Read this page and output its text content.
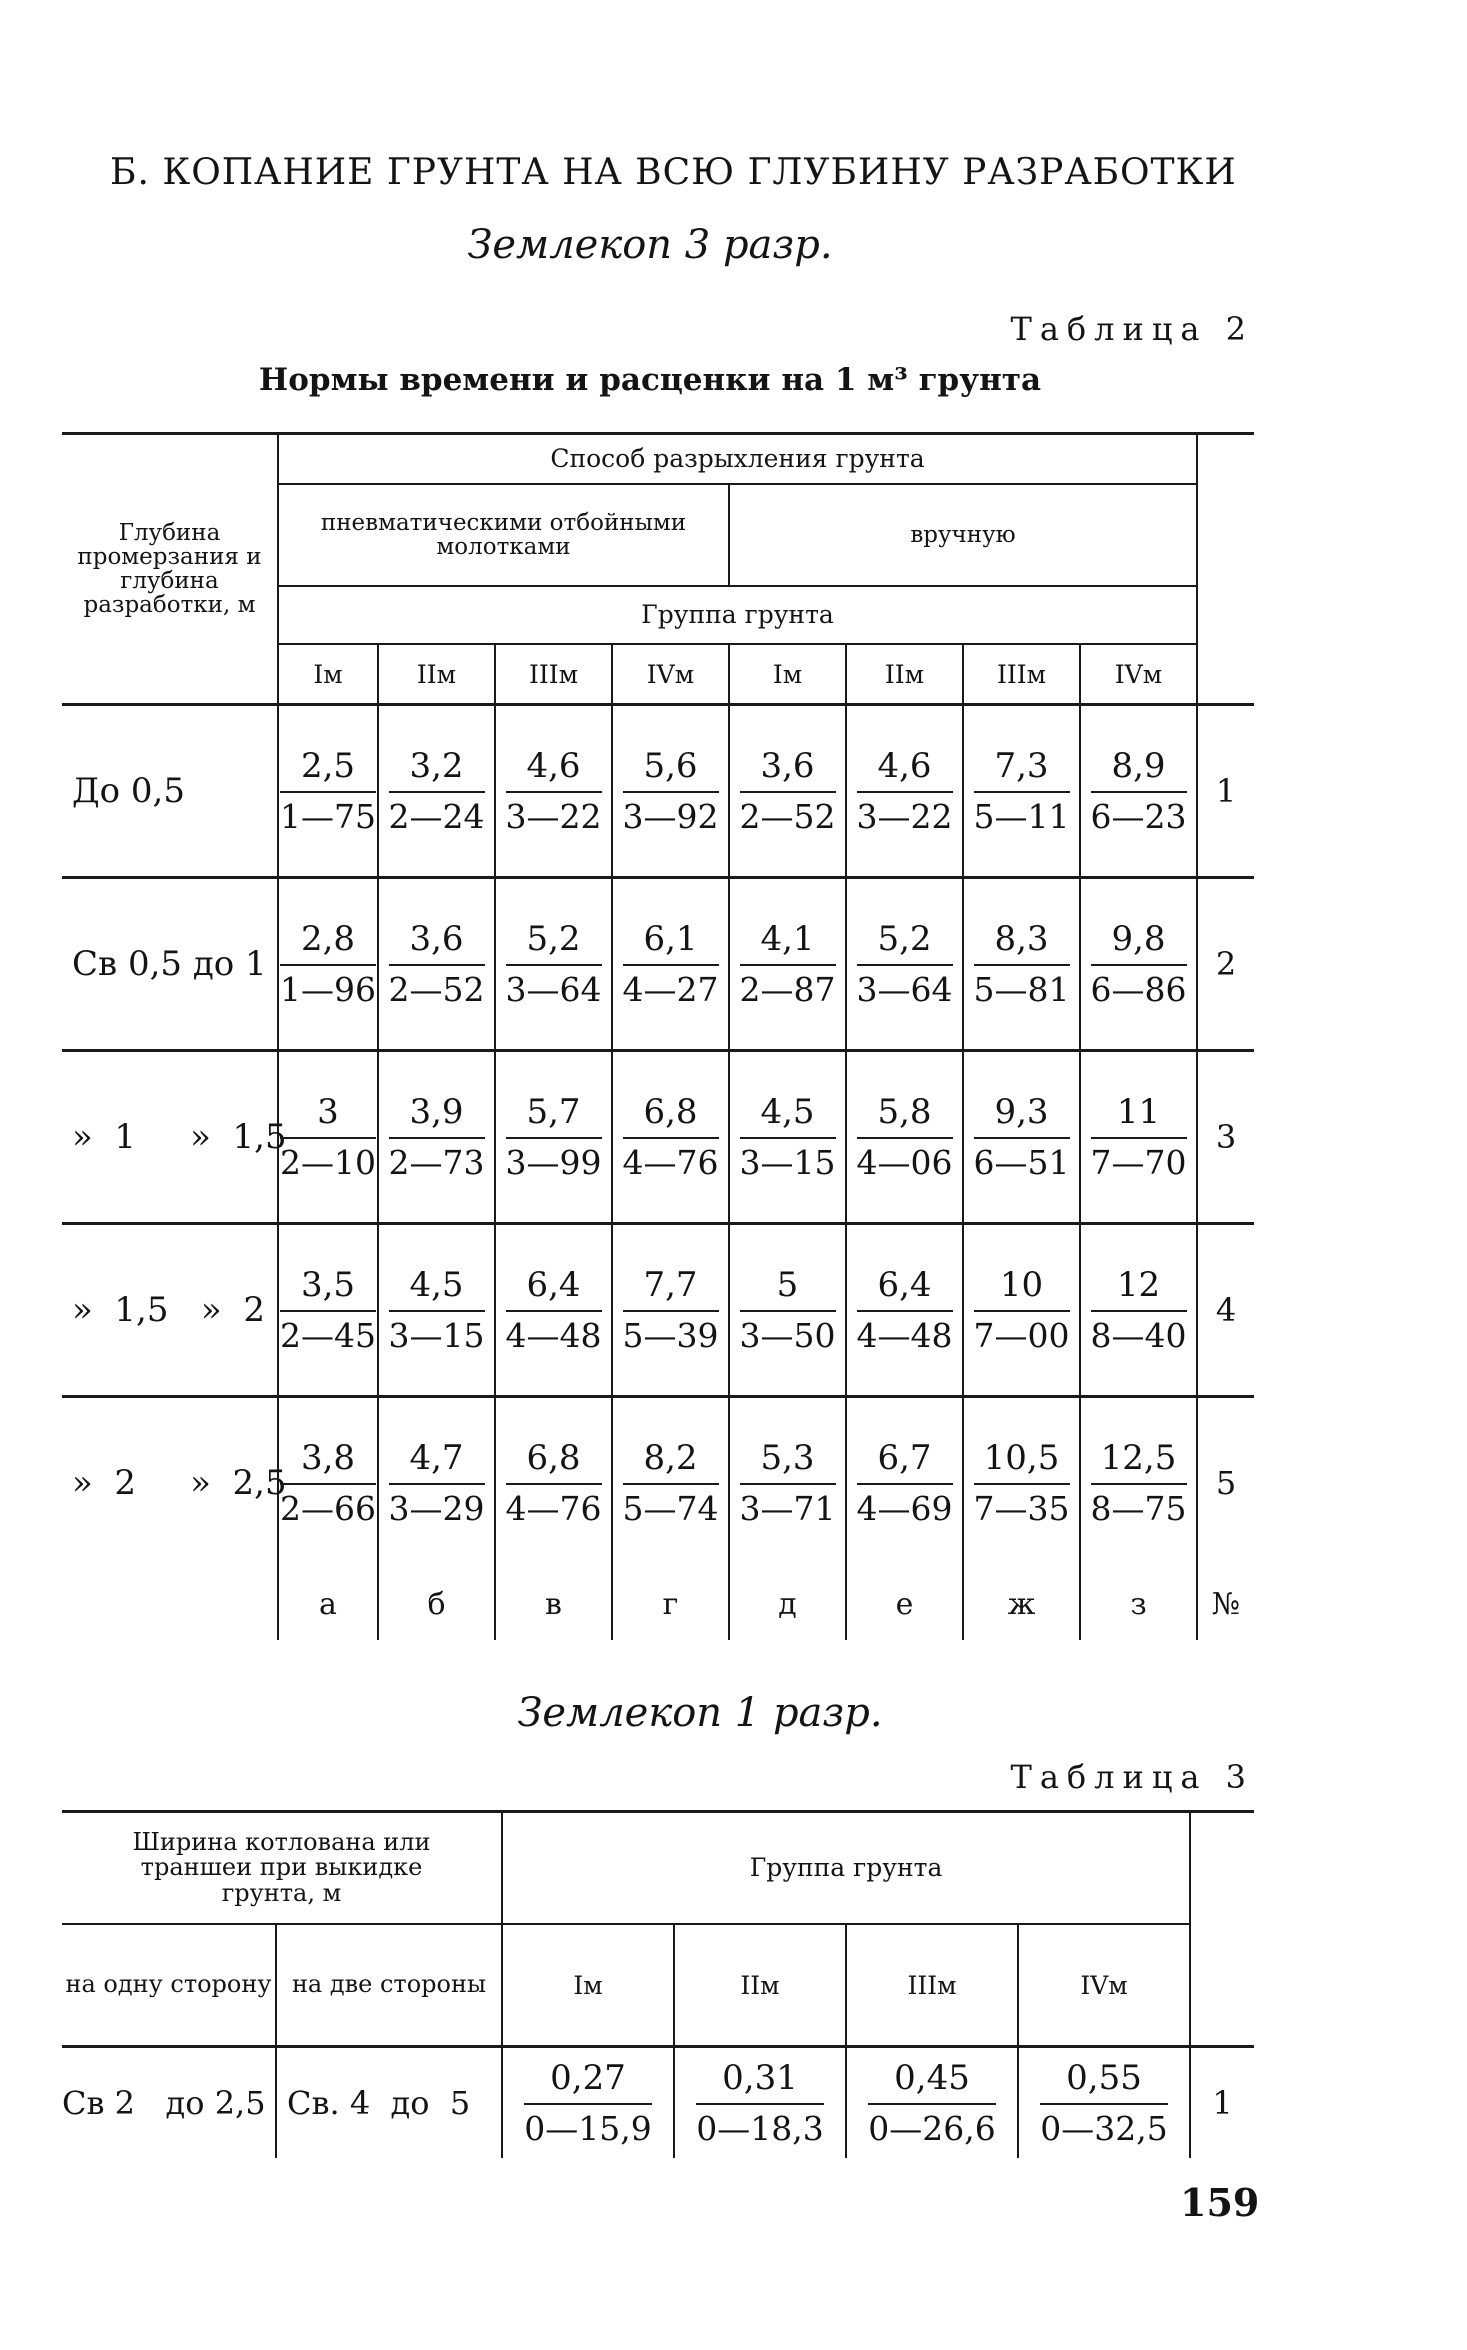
Б. КОПАНИЕ ГРУНТА НА ВСЮ ГЛУБИНУ РАЗРАБОТКИ
Землекоп 3 разр.
Таблица 2
Нормы времени и расценки на 1 м³ грунта
Глубина промерзания и глубина разработки, м	Способ разрыхления грунта								
	пневматическими отбойными молотками				вручную				
	Группа грунта								
	Iм	IIм	IIIм	IVм	Iм	IIм	IIIм	IVм	
До 0,5	$\frac{2,5}{1—75}$	$\frac{3,2}{2—24}$	$\frac{4,6}{3—22}$	$\frac{5,6}{3—92}$	$\frac{3,6}{2—52}$	$\frac{4,6}{3—22}$	$\frac{7,3}{5—11}$	$\frac{8,9}{6—23}$	1
Св 0,5 до 1	$\frac{2,8}{1—96}$	$\frac{3,6}{2—52}$	$\frac{5,2}{3—64}$	$\frac{6,1}{4—27}$	$\frac{4,1}{2—87}$	$\frac{5,2}{3—64}$	$\frac{8,3}{5—81}$	$\frac{9,8}{6—86}$	2
»  1     »  1,5	$\frac{3}{2—10}$	$\frac{3,9}{2—73}$	$\frac{5,7}{3—99}$	$\frac{6,8}{4—76}$	$\frac{4,5}{3—15}$	$\frac{5,8}{4—06}$	$\frac{9,3}{6—51}$	$\frac{11}{7—70}$	3
»  1,5   »  2	$\frac{3,5}{2—45}$	$\frac{4,5}{3—15}$	$\frac{6,4}{4—48}$	$\frac{7,7}{5—39}$	$\frac{5}{3—50}$	$\frac{6,4}{4—48}$	$\frac{10}{7—00}$	$\frac{12}{8—40}$	4
»  2     »  2,5	$\frac{3,8}{2—66}$	$\frac{4,7}{3—29}$	$\frac{6,8}{4—76}$	$\frac{8,2}{5—74}$	$\frac{5,3}{3—71}$	$\frac{6,7}{4—69}$	$\frac{10,5}{7—35}$	$\frac{12,5}{8—75}$	5
	а	б	в	г	д	е	ж	з	№
Землекоп 1 разр.
Таблица 3
Ширина котлована или траншеи при выкидке грунта, м		Группа грунта				
на одну сторону	на две стороны	Iм	IIм	IIIм	IVм	
Св 2   до 2,5	Св. 4  до  5	$\frac{0,27}{0—15,9}$	$\frac{0,31}{0—18,3}$	$\frac{0,45}{0—26,6}$	$\frac{0,55}{0—32,5}$	1
159
